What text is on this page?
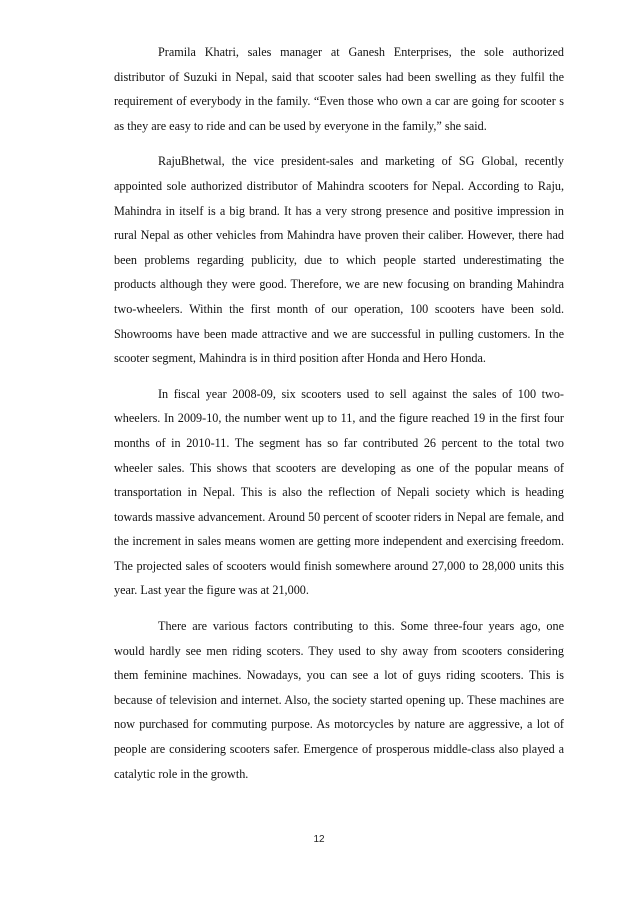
Pramila Khatri, sales manager at Ganesh Enterprises, the sole authorized distributor of Suzuki in Nepal, said that scooter sales had been swelling as they fulfil the requirement of everybody in the family. “Even those who own a car are going for scooter s as they are easy to ride and can be used by everyone in the family,” she said.

RajuBhetwal, the vice president-sales and marketing of SG Global, recently appointed sole authorized distributor of Mahindra scooters for Nepal. According to Raju, Mahindra in itself is a big brand. It has a very strong presence and positive impression in rural Nepal as other vehicles from Mahindra have proven their caliber. However, there had been problems regarding publicity, due to which people started underestimating the products although they were good. Therefore, we are new focusing on branding Mahindra two-wheelers. Within the first month of our operation, 100 scooters have been sold. Showrooms have been made attractive and we are successful in pulling customers. In the scooter segment, Mahindra is in third position after Honda and Hero Honda.

In fiscal year 2008-09, six scooters used to sell against the sales of 100 two-wheelers. In 2009-10, the number went up to 11, and the figure reached 19 in the first four months of in 2010-11. The segment has so far contributed 26 percent to the total two wheeler sales. This shows that scooters are developing as one of the popular means of transportation in Nepal. This is also the reflection of Nepali society which is heading towards massive advancement. Around 50 percent of scooter riders in Nepal are female, and the increment in sales means women are getting more independent and exercising freedom. The projected sales of scooters would finish somewhere around 27,000 to 28,000 units this year. Last year the figure was at 21,000.

There are various factors contributing to this. Some three-four years ago, one would hardly see men riding scoters. They used to shy away from scooters considering them feminine machines. Nowadays, you can see a lot of guys riding scooters. This is because of television and internet. Also, the society started opening up. These machines are now purchased for commuting purpose. As motorcycles by nature are aggressive, a lot of people are considering scooters safer. Emergence of prosperous middle-class also played a catalytic role in the growth.

12
